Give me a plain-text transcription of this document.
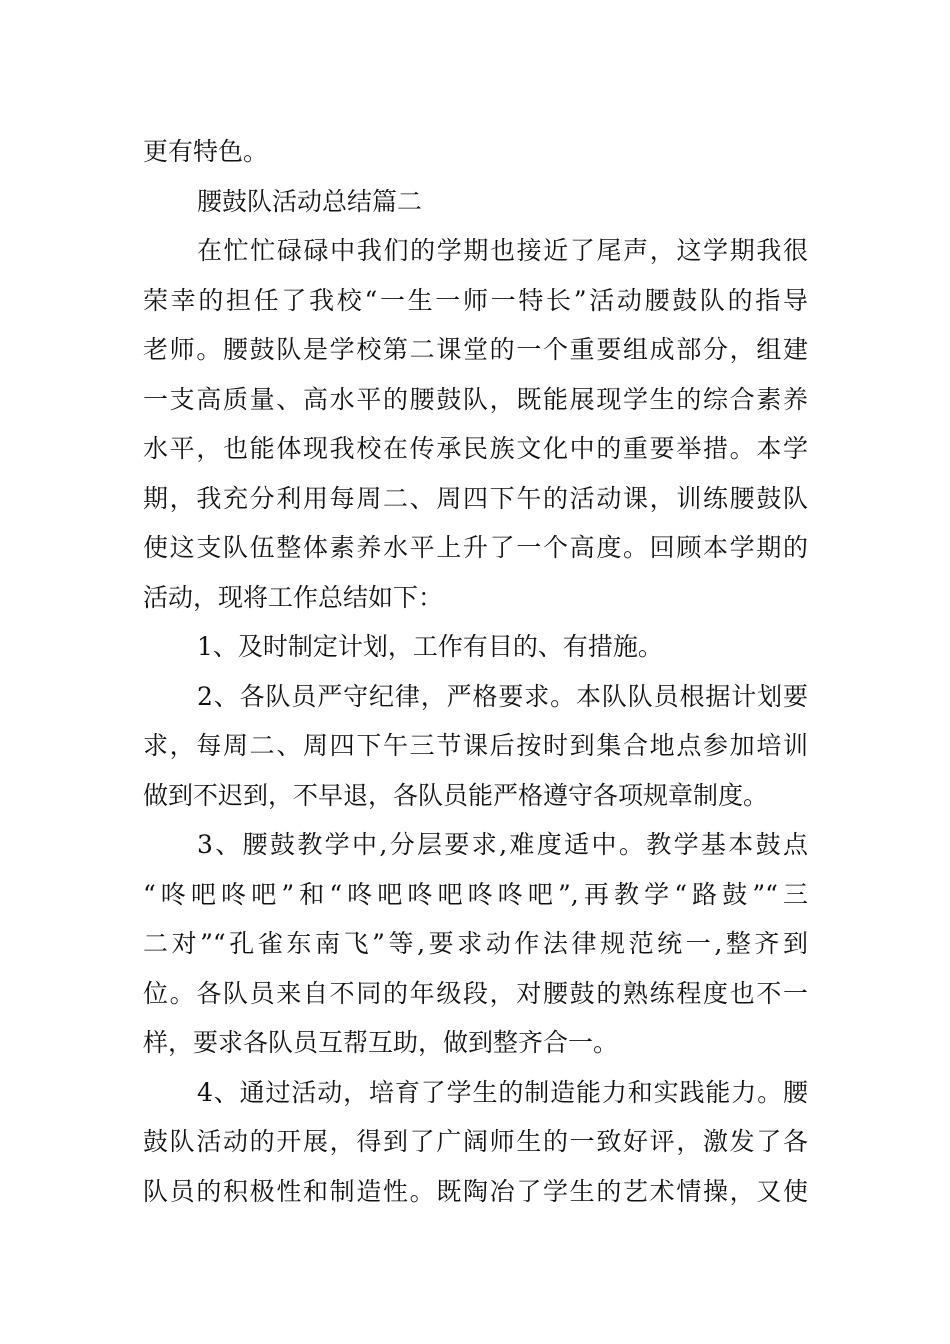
更有特色。

腰鼓队活动总结篇二

在忙忙碌碌中我们的学期也接近了尾声，这学期我很
荣幸的担任了我校“一生一师一特长”活动腰鼓队的指导
老师。腰鼓队是学校第二课堂的一个重要组成部分，组建
一支高质量、高水平的腰鼓队，既能展现学生的综合素养
水平，也能体现我校在传承民族文化中的重要举措。本学
期，我充分利用每周二、周四下午的活动课，训练腰鼓队
使这支队伍整体素养水平上升了一个高度。回顾本学期的
活动，现将工作总结如下：

1、及时制定计划，工作有目的、有措施。

2、各队员严守纪律，严格要求。本队队员根据计划要
求，每周二、周四下午三节课后按时到集合地点参加培训
做到不迟到，不早退，各队员能严格遵守各项规章制度。

3、腰鼓教学中,分层要求,难度适中。教学基本鼓点
“咚吧咚吧”和“咚吧咚吧咚咚吧”,再教学“路鼓”“三
二对”“孔雀东南飞”等,要求动作法律规范统一,整齐到
位。各队员来自不同的年级段，对腰鼓的熟练程度也不一
样，要求各队员互帮互助，做到整齐合一。

4、通过活动，培育了学生的制造能力和实践能力。腰
鼓队活动的开展，得到了广阔师生的一致好评，激发了各
队员的积极性和制造性。既陶冶了学生的艺术情操，又使
